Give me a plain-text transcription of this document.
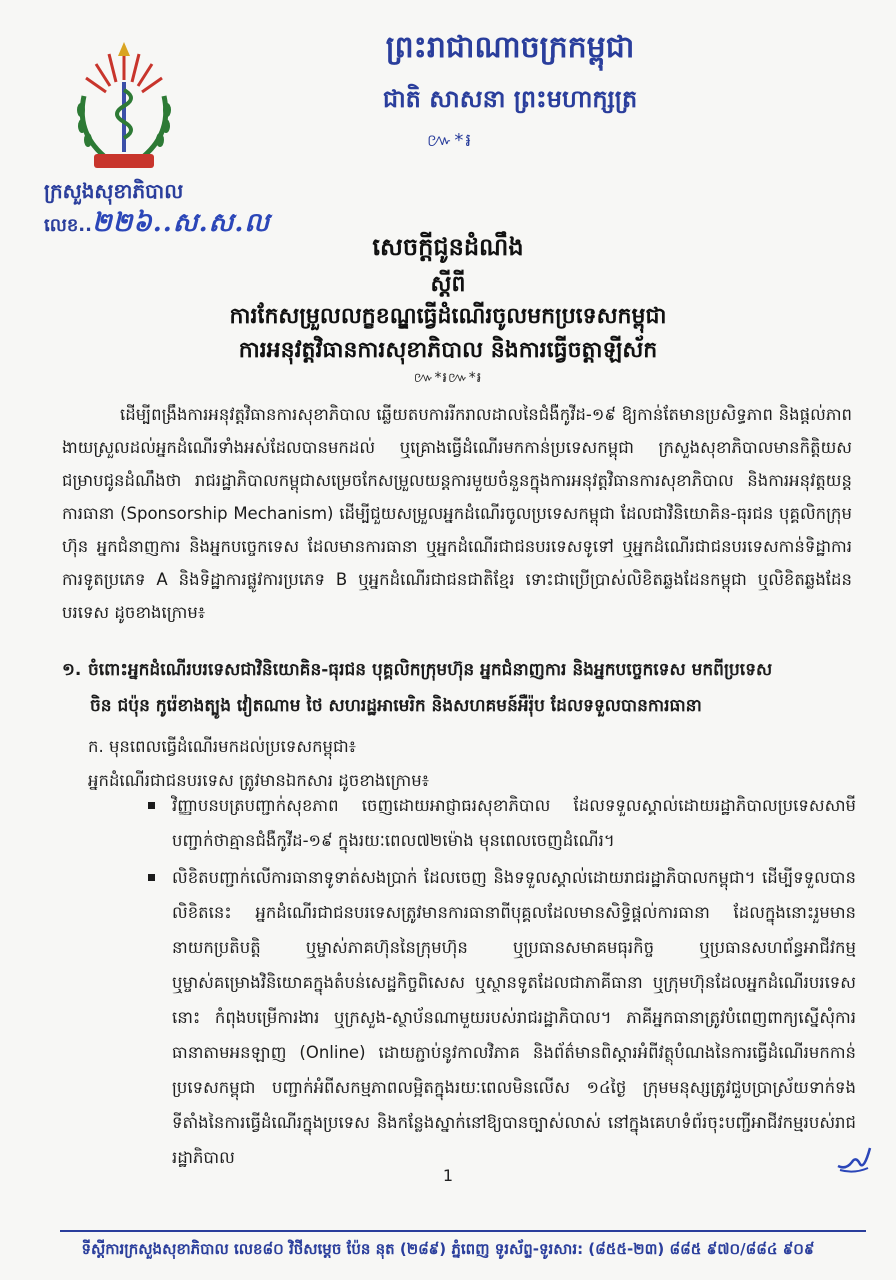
ព្រះរាជាណាចក្រកម្ពុជា
ជាតិ សាសនា ព្រះមហាក្សត្រ
៚*៛
ក្រសួងសុខាភិបាល
លេខ..២២៦..ស.ស.ល
សេចក្តីជូនដំណឹង
ស្តីពី
ការកែសម្រួលលក្ខខណ្ឌធ្វើដំណើរចូលមកប្រទេសកម្ពុជា
ការអនុវត្តវិធានការសុខាភិបាល និងការធ្វើចត្តាឡីស័ក
៚*៛៚*៛

ដើម្បីពង្រឹងការអនុវត្តវិធានការសុខាភិបាល ឆ្លើយតបការរីករាលដាលនៃជំងឺកូវីដ-១៩ ឱ្យកាន់តែមានប្រសិទ្ធភាព និងផ្តល់ភាពងាយស្រួលដល់អ្នកដំណើរទាំងអស់ដែលបានមកដល់ ឬគ្រោងធ្វើដំណើរមកកាន់ប្រទេសកម្ពុជា ក្រសួងសុខាភិបាលមានកិត្តិយសជម្រាបជូនដំណឹងថា រាជរដ្ឋាភិបាលកម្ពុជាសម្រេចកែសម្រួលយន្តការមួយចំនួនក្នុងការអនុវត្តវិធានការសុខាភិបាល និងការអនុវត្តយន្តការធានា (Sponsorship Mechanism) ដើម្បីជួយសម្រួលអ្នកដំណើរចូលប្រទេសកម្ពុជា ដែលជាវិនិយោគិន-ធុរជន បុគ្គលិកក្រុមហ៊ុន អ្នកជំនាញការ និងអ្នកបច្ចេកទេស ដែលមានការធានា ឬអ្នកដំណើរជាជនបរទេសទូទៅ ឬអ្នកដំណើរជាជនបរទេសកាន់ទិដ្ឋាការការទូតប្រភេទ A និងទិដ្ឋាការផ្លូវការប្រភេទ B ឬអ្នកដំណើរជាជនជាតិខ្មែរ ទោះជាប្រើប្រាស់លិខិតឆ្លងដែនកម្ពុជា ឬលិខិតឆ្លងដែនបរទេស ដូចខាងក្រោម៖

១. ចំពោះអ្នកដំណើរបរទេសជាវិនិយោគិន-ធុរជន បុគ្គលិកក្រុមហ៊ុន អ្នកជំនាញការ និងអ្នកបច្ចេកទេស មកពីប្រទេស
ចិន ជប៉ុន កូរ៉េខាងត្បូង វៀតណាម ថៃ សហរដ្ឋអាមេរិក និងសហគមន៍អឺរ៉ុប ដែលទទួលបានការធានា
ក. មុនពេលធ្វើដំណើរមកដល់ប្រទេសកម្ពុជា៖
អ្នកដំណើរជាជនបរទេស ត្រូវមានឯកសារ ដូចខាងក្រោម៖
វិញ្ញាបនបត្របញ្ជាក់សុខភាព ចេញដោយអាជ្ញាធរសុខាភិបាល ដែលទទួលស្គាល់ដោយរដ្ឋាភិបាលប្រទេសសាមី បញ្ជាក់ថាគ្មានជំងឺកូវីដ-១៩ ក្នុងរយៈពេល៧២ម៉ោង មុនពេលចេញដំណើរ។
លិខិតបញ្ជាក់លើការធានាទូទាត់សងប្រាក់ ដែលចេញ និងទទួលស្គាល់ដោយរាជរដ្ឋាភិបាលកម្ពុជា។ ដើម្បីទទួលបានលិខិតនេះ អ្នកដំណើរជាជនបរទេសត្រូវមានការធានាពីបុគ្គលដែលមានសិទ្ធិផ្តល់ការធានា ដែលក្នុងនោះរួមមាន នាយកប្រតិបត្តិ ឬម្ចាស់ភាគហ៊ុននៃក្រុមហ៊ុន ឬប្រធានសមាគមធុរកិច្ច ឬប្រធានសហព័ន្ធអាជីវកម្ម ឬម្ចាស់គម្រោងវិនិយោគក្នុងតំបន់សេដ្ឋកិច្ចពិសេស ឬស្ថានទូតដែលជាភាគីធានា ឬក្រុមហ៊ុនដែលអ្នកដំណើរបរទេសនោះ កំពុងបម្រើការងារ ឬក្រសួង-ស្ថាប័នណាមួយរបស់រាជរដ្ឋាភិបាល។ ភាគីអ្នកធានាត្រូវបំពេញពាក្យស្នើសុំការធានាតាមអនឡាញ (Online) ដោយភ្ជាប់នូវកាលវិភាគ និងព័ត៌មានពិស្តារអំពីវត្ថុបំណងនៃការធ្វើដំណើរមកកាន់ប្រទេសកម្ពុជា បញ្ជាក់អំពីសកម្មភាពលម្អិតក្នុងរយៈពេលមិនលើស ១៤ថ្ងៃ ក្រុមមនុស្សត្រូវជួបប្រាស្រ័យទាក់ទង ទីតាំងនៃការធ្វើដំណើរក្នុងប្រទេស និងកន្លែងស្នាក់នៅឱ្យបានច្បាស់លាស់ នៅក្នុងគេហទំព័រចុះបញ្ជីអាជីវកម្មរបស់រាជរដ្ឋាភិបាល
1
ទីស្តីការក្រសួងសុខាភិបាល លេខ៨០ វិថីសម្តេច ប៉ែន នុត (២៨៩) ភ្នំពេញ ទូរស័ព្ទ-ទូរសារ: (៨៥៥-២៣) ៨៨៥ ៩៧០/៨៨៤ ៩០៩
